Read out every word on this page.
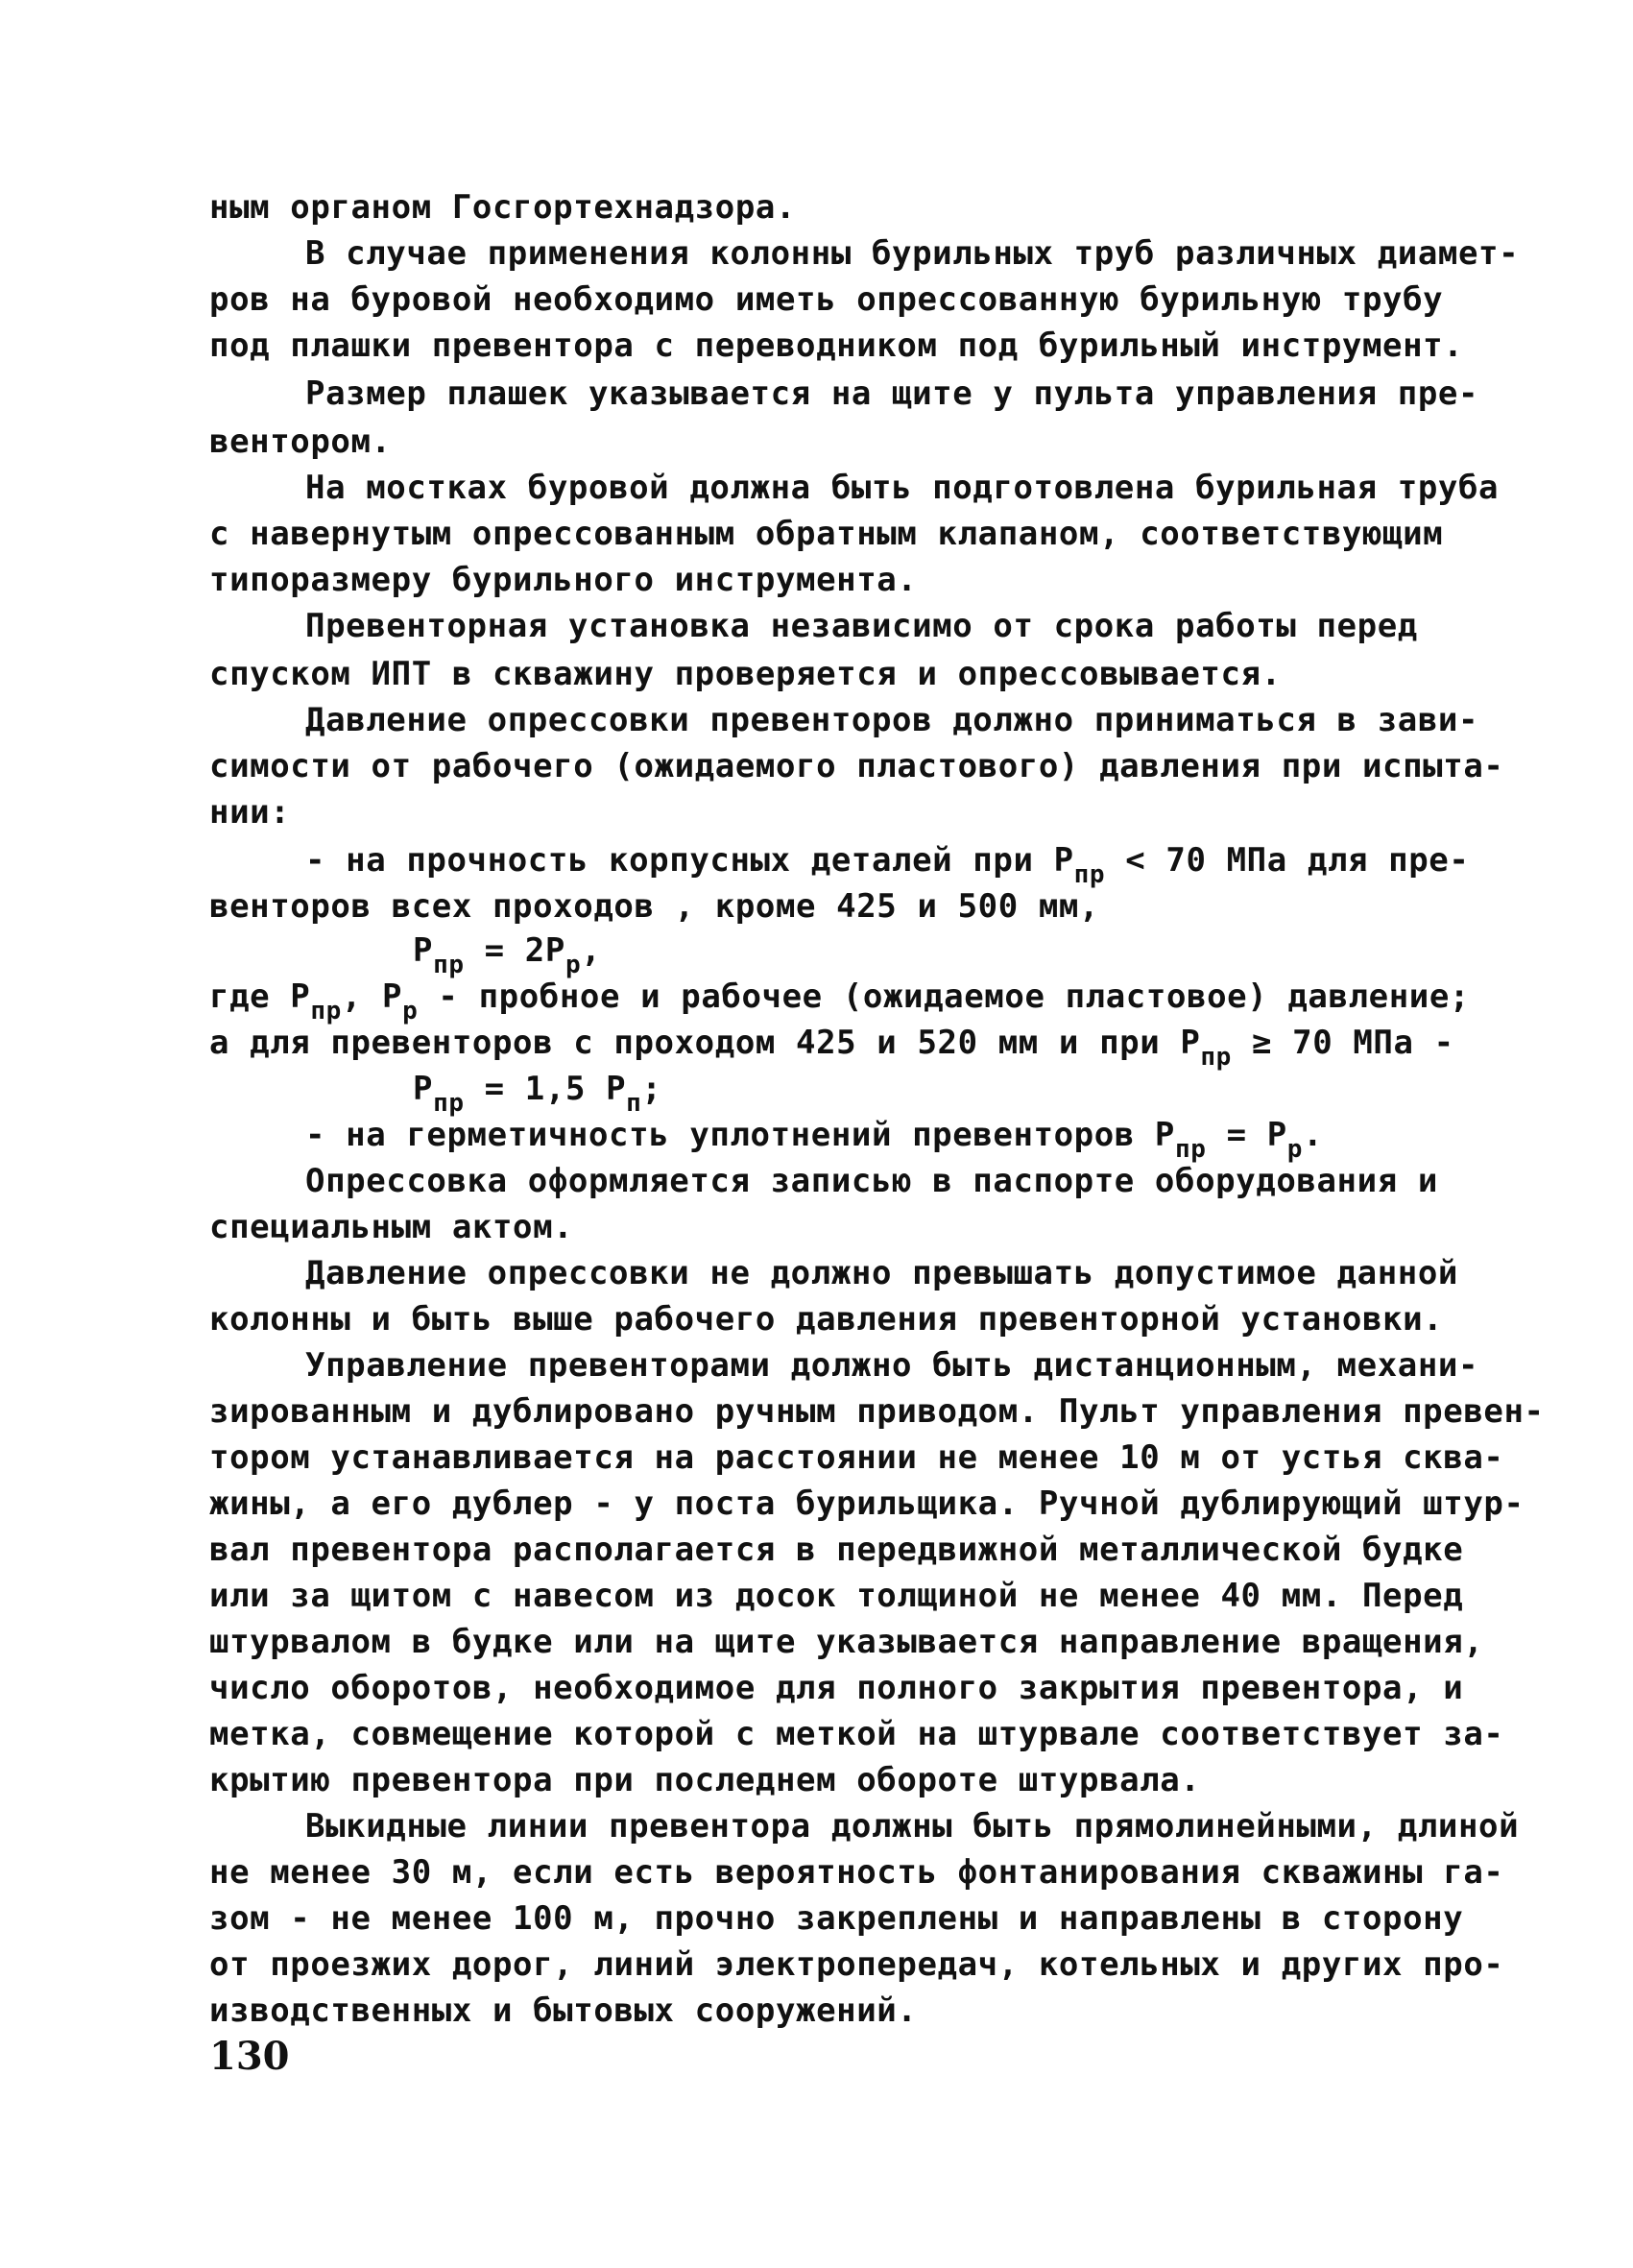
ным органом Госгортехнадзора.
В случае применения колонны бурильных труб различных диамет-
ров на буровой необходимо иметь опрессованную бурильную трубу
под плашки превентора с переводником под бурильный инструмент.
Размер плашек указывается на щите у пульта управления пре-
вентором.
На мостках буровой должна быть подготовлена бурильная труба
с навернутым опрессованным обратным клапаном, соответствующим
типоразмеру бурильного инструмента.
Превенторная установка независимо от срока работы перед
спуском ИПТ в скважину проверяется и опрессовывается.
Давление опрессовки превенторов должно приниматься в зави-
симости от рабочего (ожидаемого пластового) давления при испыта-
нии:
- на прочность корпусных деталей при $Р_{пр} < 70$ МПа для пре-
венторов всех проходов , кроме 425 и 500 мм,
$Р_{пр} = 2Р_р$,
где $Р_{пр}$, $Р_р$ - пробное и рабочее (ожидаемое пластовое) давление;
а для превенторов с проходом 425 и 520 мм и при $Р_{пр} \ge 70$ МПа -
$Р_{пр} = 1,5$ $Р_п$;
- на герметичность уплотнений превенторов $Р_{пр} = Р_р$.
Опрессовка оформляется записью в паспорте оборудования и
специальным актом.
Давление опрессовки не должно превышать допустимое данной
колонны и быть выше рабочего давления превенторной установки.
Управление превенторами должно быть дистанционным, механи-
зированным и дублировано ручным приводом. Пульт управления превен-
тором устанавливается на расстоянии не менее 10 м от устья сква-
жины, а его дублер - у поста бурильщика. Ручной дублирующий штур-
вал превентора располагается в передвижной металлической будке
или за щитом с навесом из досок толщиной не менее 40 мм. Перед
штурвалом в будке или на щите указывается направление вращения,
число оборотов, необходимое для полного закрытия превентора, и
метка, совмещение которой с меткой на штурвале соответствует за-
крытию превентора при последнем обороте штурвала.
Выкидные линии превентора должны быть прямолинейными, длиной
не менее 30 м, если есть вероятность фонтанирования скважины га-
зом - не менее 100 м, прочно закреплены и направлены в сторону
от проезжих дорог, линий электропередач, котельных и других про-
изводственных и бытовых сооружений.
130
